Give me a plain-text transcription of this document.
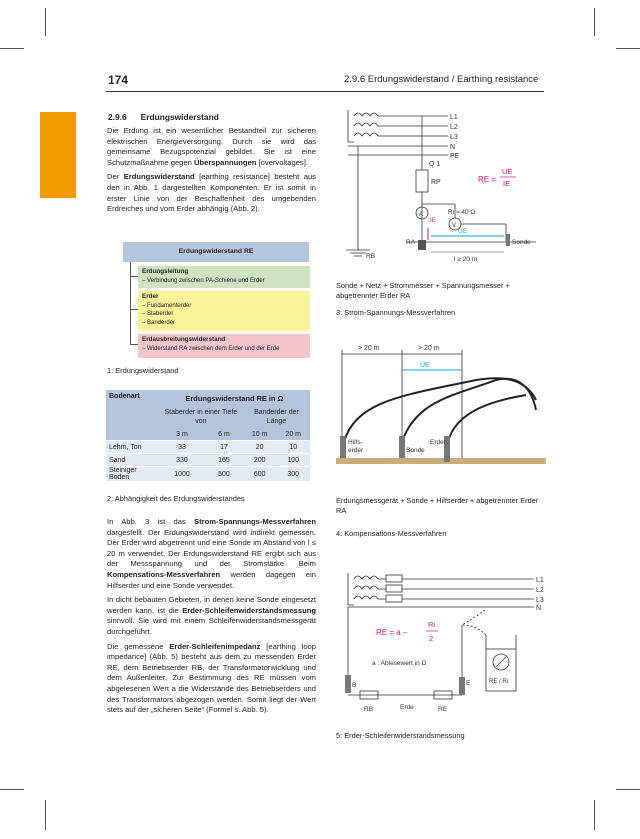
174	2.9.6 Erdungswiderstand / Earthing resistance
2.9.6 Erdungswiderstand

Die Erdung ist ein wesentlicher Bestandteil zur sicheren elektrischen Energieversorgung. Durch sie wird das gemeinsame Bezugspotenzial gebildet. Sie ist eine Schutzmaßnahme gegen Überspannungen [overvoltages].

Der Erdungswiderstand [earthing resistance] besteht aus den in Abb. 1 dargestellten Komponenten. Er ist somit in erster Linie von der Beschaffenheit des umgebenden Erdreiches und vom Erder abhängig (Abb. 2).

Erdungswiderstand RE
Erdungsleitung
– Verbindung zwischen PA-Schiene und Erder
Erder
– Fundamenterder
– Staberder
– Banderder
Erdausbreitungswiderstand
– Widerstand RA zwischen dem Erder und der Erde
1: Erdungswiderstand
Bodenart	Erdungswiderstand RE in Ω			
	Staberder in einer Tiefe von		Banderder der Länge	
	3 m	6 m	10 m	20 m
Lehm, Ton	33	17	20	10
Sand	330	165	200	100
Steiniger Boden	1000	500	600	300
2: Abhängigkeit des Erdungswiderstandes

In Abb. 3 ist das Strom-Spannungs-Messverfahren dargestellt. Der Erdungswiderstand wird indirekt gemessen. Der Erder wird abgetrennt und eine Sonde im Abstand von l ≤ 20 m verwendet. Der Erdungswiderstand RE ergibt sich aus der Messspannung und der Stromstärke. Beim Kompensations-Messverfahren werden dagegen ein Hilfserder und eine Sonde verwendet.

In dicht bebauten Gebieten, in denen keine Sonde eingesetzt werden kann, ist die Erder-Schleifenwiderstandsmessung sinnvoll. Sie wird mit einem Schleifenwiderstandsmessgerät durchgeführt.

Die gemessene Erder-Schleifenimpedanz [earthing loop impedance] (Abb. 5) besteht aus dem zu messenden Erder RE, dem Betriebserder RB, der Transformatorwicklung und dem Außenleiter. Zur Bestimmung des RE müssen vom abgelesenen Wert a die Widerstände des Betriebserders und des Transformators abgezogen werden. Somit liegt der Wert stets auf der „sicheren Seite“ (Formel s. Abb. 5).

L1
L2
L3
N
PE
Q 1
RP
A
V
Ri ≈ 40 Ω
RA
RB
Sonde
l ≥ 20 m
IE
UE
RE =
UE
IE
Sonde + Netz + Strommesser + Spannungsmesser + abgetrennter Erder RA
3: Strom-Spannungs-Messverfahren
> 20 m	> 20 m
Hilfs-
erder	Sonde
Erder
UE
Erdungsmessgerät + Sonde + Hilfserder + abgetrennter Erder RA
4: Kompensations-Messverfahren
L1
L2
L3
N
B	E
RB	Erde	RE
RE / Ri
a : Ablesewert in Ω
RE = a –
Ri
2
5: Erder-Schleifenwiderstandsmessung
